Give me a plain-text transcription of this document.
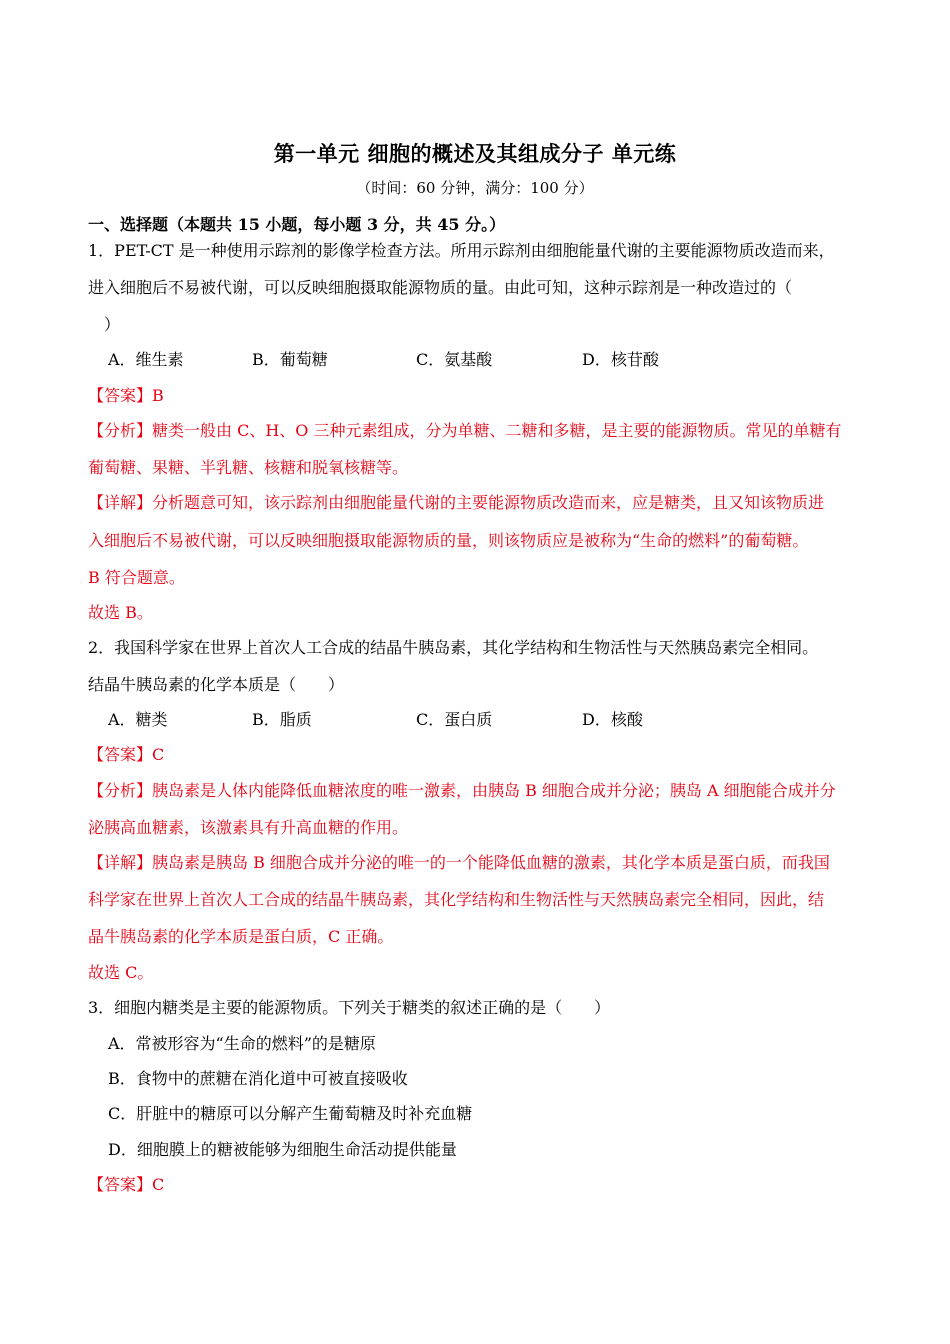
第一单元 细胞的概述及其组成分子 单元练
（时间：60 分钟，满分：100 分）
一、选择题（本题共 15 小题，每小题 3 分，共 45 分。）
1．PET-CT 是一种使用示踪剂的影像学检查方法。所用示踪剂由细胞能量代谢的主要能源物质改造而来，
进入细胞后不易被代谢，可以反映细胞摄取能源物质的量。由此可知，这种示踪剂是一种改造过的（
）
A．维生素	B．葡萄糖	C．氨基酸	D．核苷酸
【答案】B
【分析】糖类一般由 C、H、O 三种元素组成，分为单糖、二糖和多糖，是主要的能源物质。常见的单糖有
葡萄糖、果糖、半乳糖、核糖和脱氧核糖等。
【详解】分析题意可知，该示踪剂由细胞能量代谢的主要能源物质改造而来，应是糖类，且又知该物质进
入细胞后不易被代谢，可以反映细胞摄取能源物质的量，则该物质应是被称为“生命的燃料”的葡萄糖。
B 符合题意。
故选 B。
2．我国科学家在世界上首次人工合成的结晶牛胰岛素，其化学结构和生物活性与天然胰岛素完全相同。
结晶牛胰岛素的化学本质是（　　）
A．糖类	B．脂质	C．蛋白质	D．核酸
【答案】C
【分析】胰岛素是人体内能降低血糖浓度的唯一激素，由胰岛 B 细胞合成并分泌；胰岛 A 细胞能合成并分
泌胰高血糖素，该激素具有升高血糖的作用。
【详解】胰岛素是胰岛 B 细胞合成并分泌的唯一的一个能降低血糖的激素，其化学本质是蛋白质，而我国
科学家在世界上首次人工合成的结晶牛胰岛素，其化学结构和生物活性与天然胰岛素完全相同，因此，结
晶牛胰岛素的化学本质是蛋白质，C 正确。
故选 C。
3．细胞内糖类是主要的能源物质。下列关于糖类的叙述正确的是（　　）
A．常被形容为“生命的燃料”的是糖原
B．食物中的蔗糖在消化道中可被直接吸收
C．肝脏中的糖原可以分解产生葡萄糖及时补充血糖
D．细胞膜上的糖被能够为细胞生命活动提供能量
【答案】C
